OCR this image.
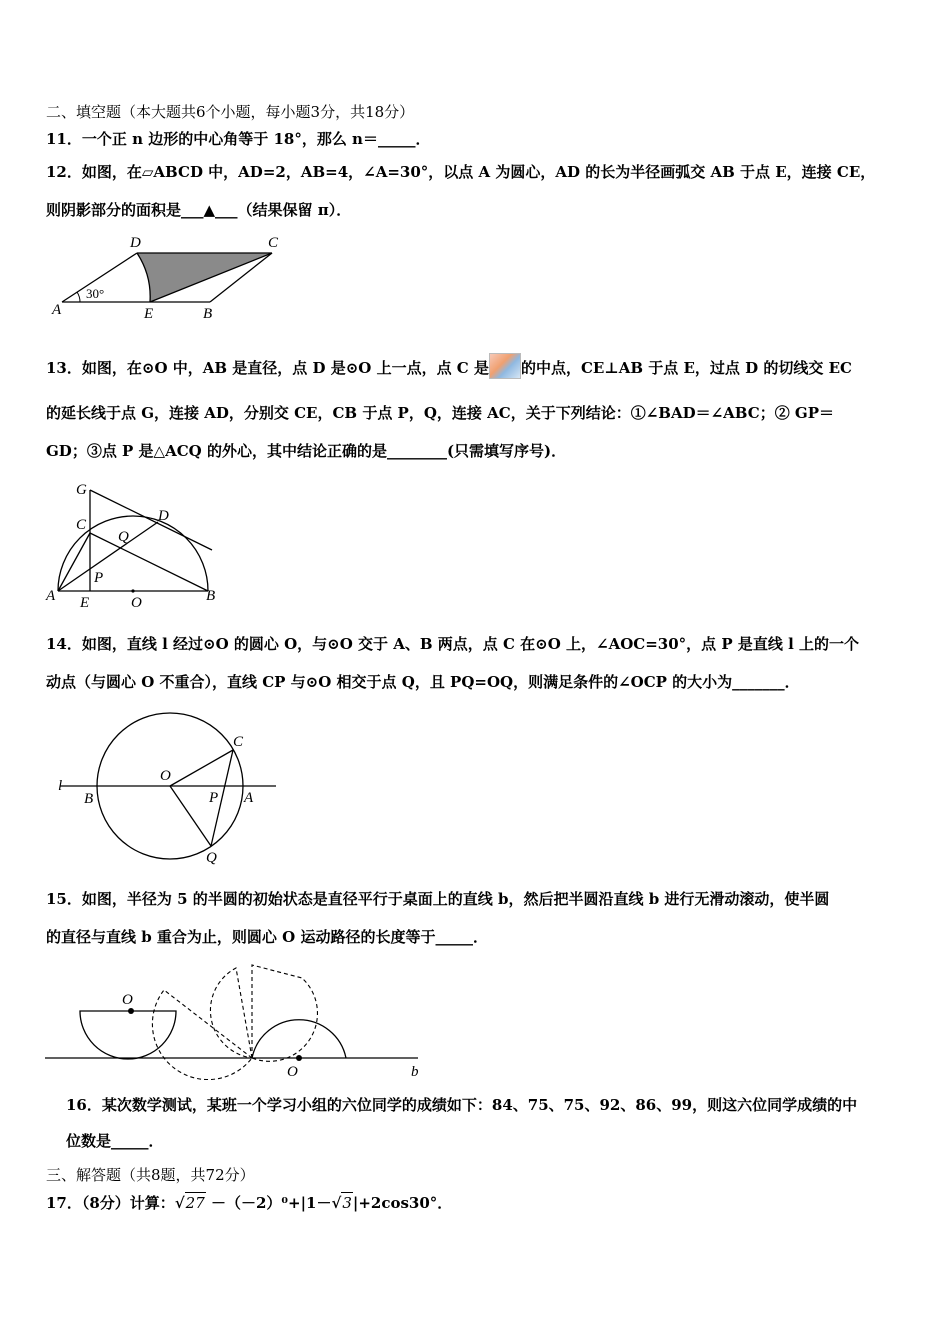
二、填空题（本大题共6个小题，每小题3分，共18分）
11．一个正 n 边形的中心角等于 18°，那么 n＝_____．
12．如图，在▱ABCD 中，AD=2，AB=4，∠A=30°，以点 A 为圆心，AD 的长为半径画弧交 AB 于点 E，连接 CE，
则阴影部分的面积是___▲___（结果保留 π）．
D	C
A	E	B
30°
13．如图，在⊙O 中，AB 是直径，点 D 是⊙O 上一点，点 C 是 的中点，CE⊥AB 于点 E，过点 D 的切线交 EC
的延长线于点 G，连接 AD，分别交 CE，CB 于点 P，Q，连接 AC，关于下列结论：①∠BAD＝∠ABC；② GP＝
GD；③点 P 是△ACQ 的外心，其中结论正确的是________(只需填写序号)．
G
C
D
Q
P
A E	O	B
14．如图，直线 l 经过⊙O 的圆心 O，与⊙O 交于 A、B 两点，点 C 在⊙O 上，∠AOC=30°，点 P 是直线 l 上的一个
动点（与圆心 O 不重合），直线 CP 与⊙O 相交于点 Q，且 PQ=OQ，则满足条件的∠OCP 的大小为_______．
l
B
O
P A
C
Q
15．如图，半径为 5 的半圆的初始状态是直径平行于桌面上的直线 b，然后把半圆沿直线 b 进行无滑动滚动，使半圆
的直径与直线 b 重合为止，则圆心 O 运动路径的长度等于_____．
O
O	b
16．某次数学测试，某班一个学习小组的六位同学的成绩如下：84、75、75、92、86、99，则这六位同学成绩的中
位数是_____．
三、解答题（共8题，共72分）
17．（8分）计算：√27 －（－2）⁰+|1－√3|+2cos30°．
